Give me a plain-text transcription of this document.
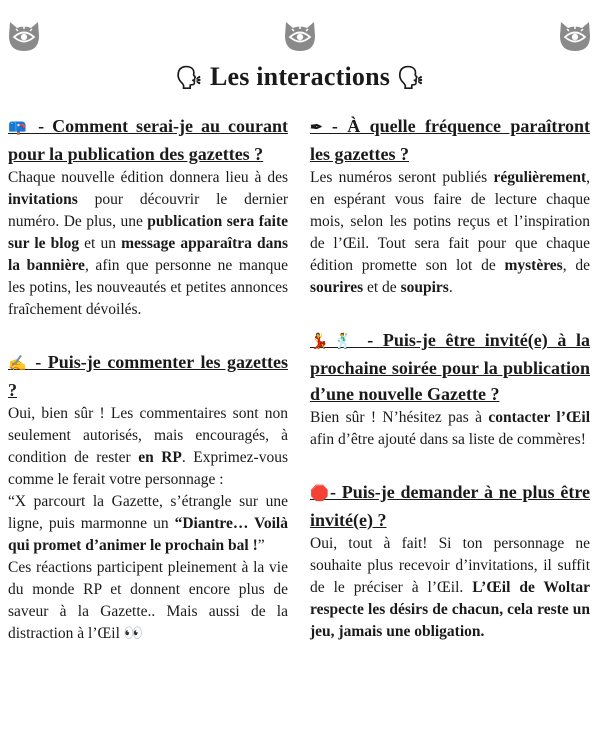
🗣 Les interactions 🗣

📪 - Comment serai-je au courant pour la publication des gazettes ?

Chaque nouvelle édition donnera lieu à des invitations pour découvrir le dernier numéro. De plus, une publication sera faite sur le blog et un message apparaîtra dans la bannière, afin que personne ne manque les potins, les nouveautés et petites annonces fraîchement dévoilés.

✍ - Puis-je commenter les gazettes ?

Oui, bien sûr ! Les commentaires sont non seulement autorisés, mais encouragés, à condition de rester en RP. Exprimez-vous comme le ferait votre personnage :

“X parcourt la Gazette, s’étrangle sur une ligne, puis marmonne un “Diantre… Voilà qui promet d’animer le prochain bal !”

Ces réactions participent pleinement à la vie du monde RP et donnent encore plus de saveur à la Gazette.. Mais aussi de la distraction à l’Œil 👀

✒ - À quelle fréquence paraîtront les gazettes ?

Les numéros seront publiés régulièrement, en espérant vous faire de lecture chaque mois, selon les potins reçus et l’inspiration de l’Œil. Tout sera fait pour que chaque édition promette son lot de mystères, de sourires et de soupirs.

💃🕺 - Puis-je être invité(e) à la prochaine soirée pour la publication d’une nouvelle Gazette ?

Bien sûr ! N’hésitez pas à contacter l’Œil afin d’être ajouté dans sa liste de commères!

🛑- Puis-je demander à ne plus être invité(e) ?

Oui, tout à fait! Si ton personnage ne souhaite plus recevoir d’invitations, il suffit de le préciser à l’Œil. L’Œil de Woltar respecte les désirs de chacun, cela reste un jeu, jamais une obligation.
